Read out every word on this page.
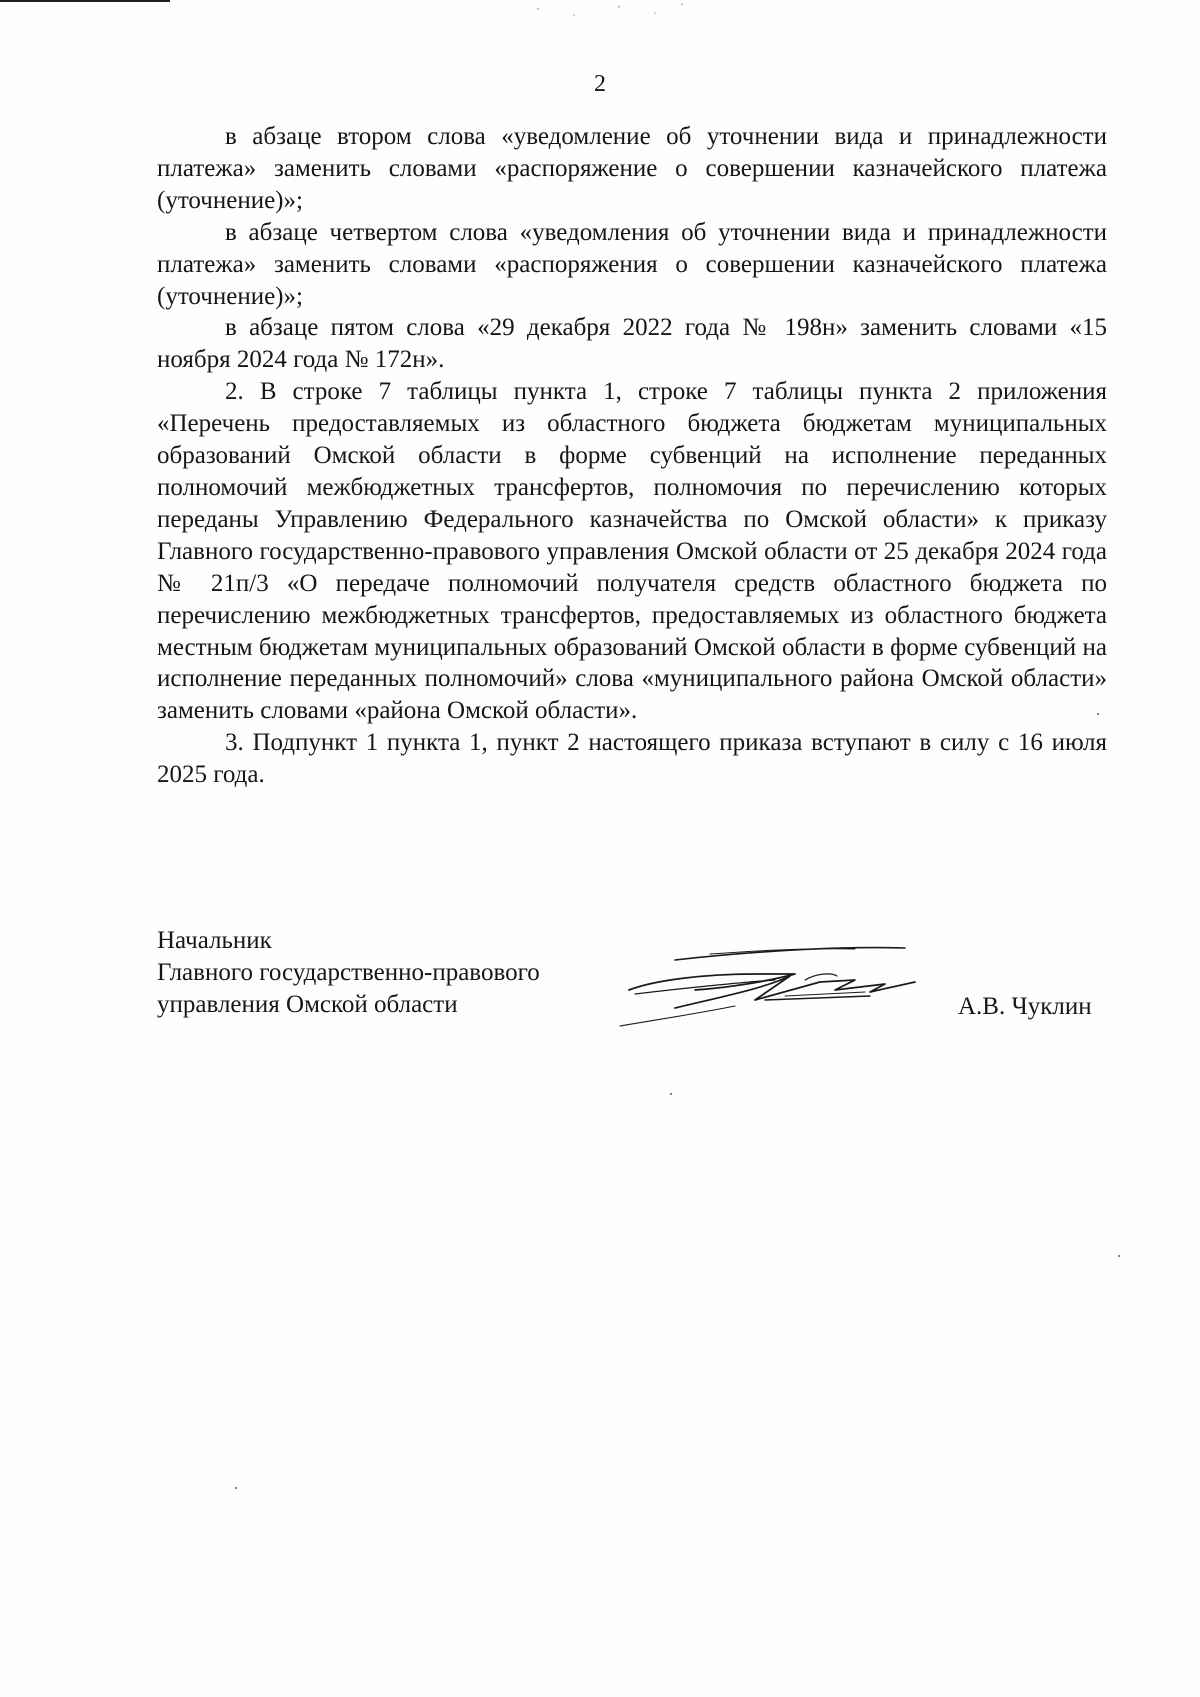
2

в абзаце втором слова «уведомление об уточнении вида и принадлежности платежа» заменить словами «распоряжение о совершении казначейского платежа (уточнение)»;

в абзаце четвертом слова «уведомления об уточнении вида и принадлежности платежа» заменить словами «распоряжения о совершении казначейского платежа (уточнение)»;

в абзаце пятом слова «29 декабря 2022 года № 198н» заменить словами «15 ноября 2024 года № 172н».

2. В строке 7 таблицы пункта 1, строке 7 таблицы пункта 2 приложения «Перечень предоставляемых из областного бюджета бюджетам муниципальных образований Омской области в форме субвенций на исполнение переданных полномочий межбюджетных трансфертов, полномочия по перечислению которых переданы Управлению Федерального казначейства по Омской области» к приказу Главного государственно-правового управления Омской области от 25 декабря 2024 года № 21п/3 «О передаче полномочий получателя средств областного бюджета по перечислению межбюджетных трансфертов, предоставляемых из областного бюджета местным бюджетам муниципальных образований Омской области в форме субвенций на исполнение переданных полномочий» слова «муниципального района Омской области» заменить словами «района Омской области».

3. Подпункт 1 пункта 1, пункт 2 настоящего приказа вступают в силу с 16 июля 2025 года.

Начальник
Главного государственно-правового
управления Омской области	А.В. Чуклин
